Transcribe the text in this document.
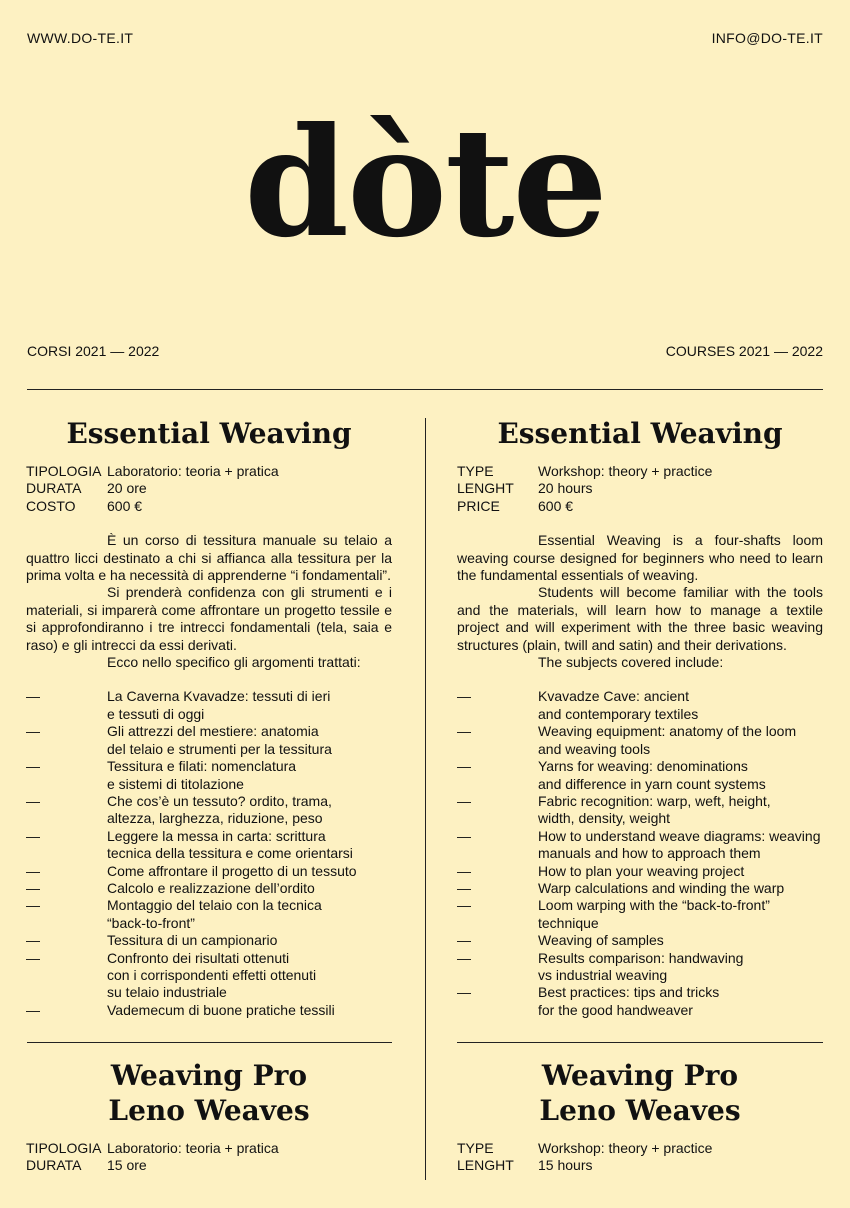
WWW.DO-TE.IT	INFO@DO-TE.IT
dòte
CORSI 2021 — 2022	COURSES 2021 — 2022
Essential Weaving
TIPOLOGIA Laboratorio: teoria + pratica
DURATA	20 ore
COSTO	600 €

È un corso di tessitura manuale su telaio a quattro licci destinato a chi si affianca alla tessitura per la prima volta e ha necessità di apprenderne “i fondamentali”.

Si prenderà confidenza con gli strumenti e i materiali, si imparerà come affrontare un progetto tessile e si approfondiranno i tre intrecci fondamentali (tela, saia e raso) e gli intrecci da essi derivati.

Ecco nello specifico gli argomenti trattati:

—	La Caverna Kvavadze: tessuti di ieri
e tessuti di oggi
—	Gli attrezzi del mestiere: anatomia
del telaio e strumenti per la tessitura
—	Tessitura e filati: nomenclatura
e sistemi di titolazione
—	Che cos’è un tessuto? ordito, trama,
altezza, larghezza, riduzione, peso
—	Leggere la messa in carta: scrittura
tecnica della tessitura e come orientarsi
—	Come affrontare il progetto di un tessuto
—	Calcolo e realizzazione dell’ordito
—	Montaggio del telaio con la tecnica
“back-to-front”
—	Tessitura di un campionario
—	Confronto dei risultati ottenuti
con i corrispondenti effetti ottenuti
su telaio industriale
—	Vademecum di buone pratiche tessili
Essential Weaving
TYPE	Workshop: theory + practice
LENGHT	20 hours
PRICE	600 €

Essential Weaving is a four-shafts loom weaving course designed for beginners who need to learn the fundamental essentials of weaving.

Students will become familiar with the tools and the materials, will learn how to manage a textile project and will experiment with the three basic weaving structures (plain, twill and satin) and their derivations.

The subjects covered include:

—	Kvavadze Cave: ancient
and contemporary textiles
—	Weaving equipment: anatomy of the loom
and weaving tools
—	Yarns for weaving: denominations
and difference in yarn count systems
—	Fabric recognition: warp, weft, height,
width, density, weight
—	How to understand weave diagrams: weaving
manuals and how to approach them
—	How to plan your weaving project
—	Warp calculations and winding the warp
—	Loom warping with the “back-to-front”
technique
—	Weaving of samples
—	Results comparison: handwaving
vs industrial weaving
—	Best practices: tips and tricks
for the good handweaver
Weaving Pro
Leno Weaves
TIPOLOGIA Laboratorio: teoria + pratica
DURATA	15 ore
Weaving Pro
Leno Weaves
TYPE	Workshop: theory + practice
LENGHT	15 hours
